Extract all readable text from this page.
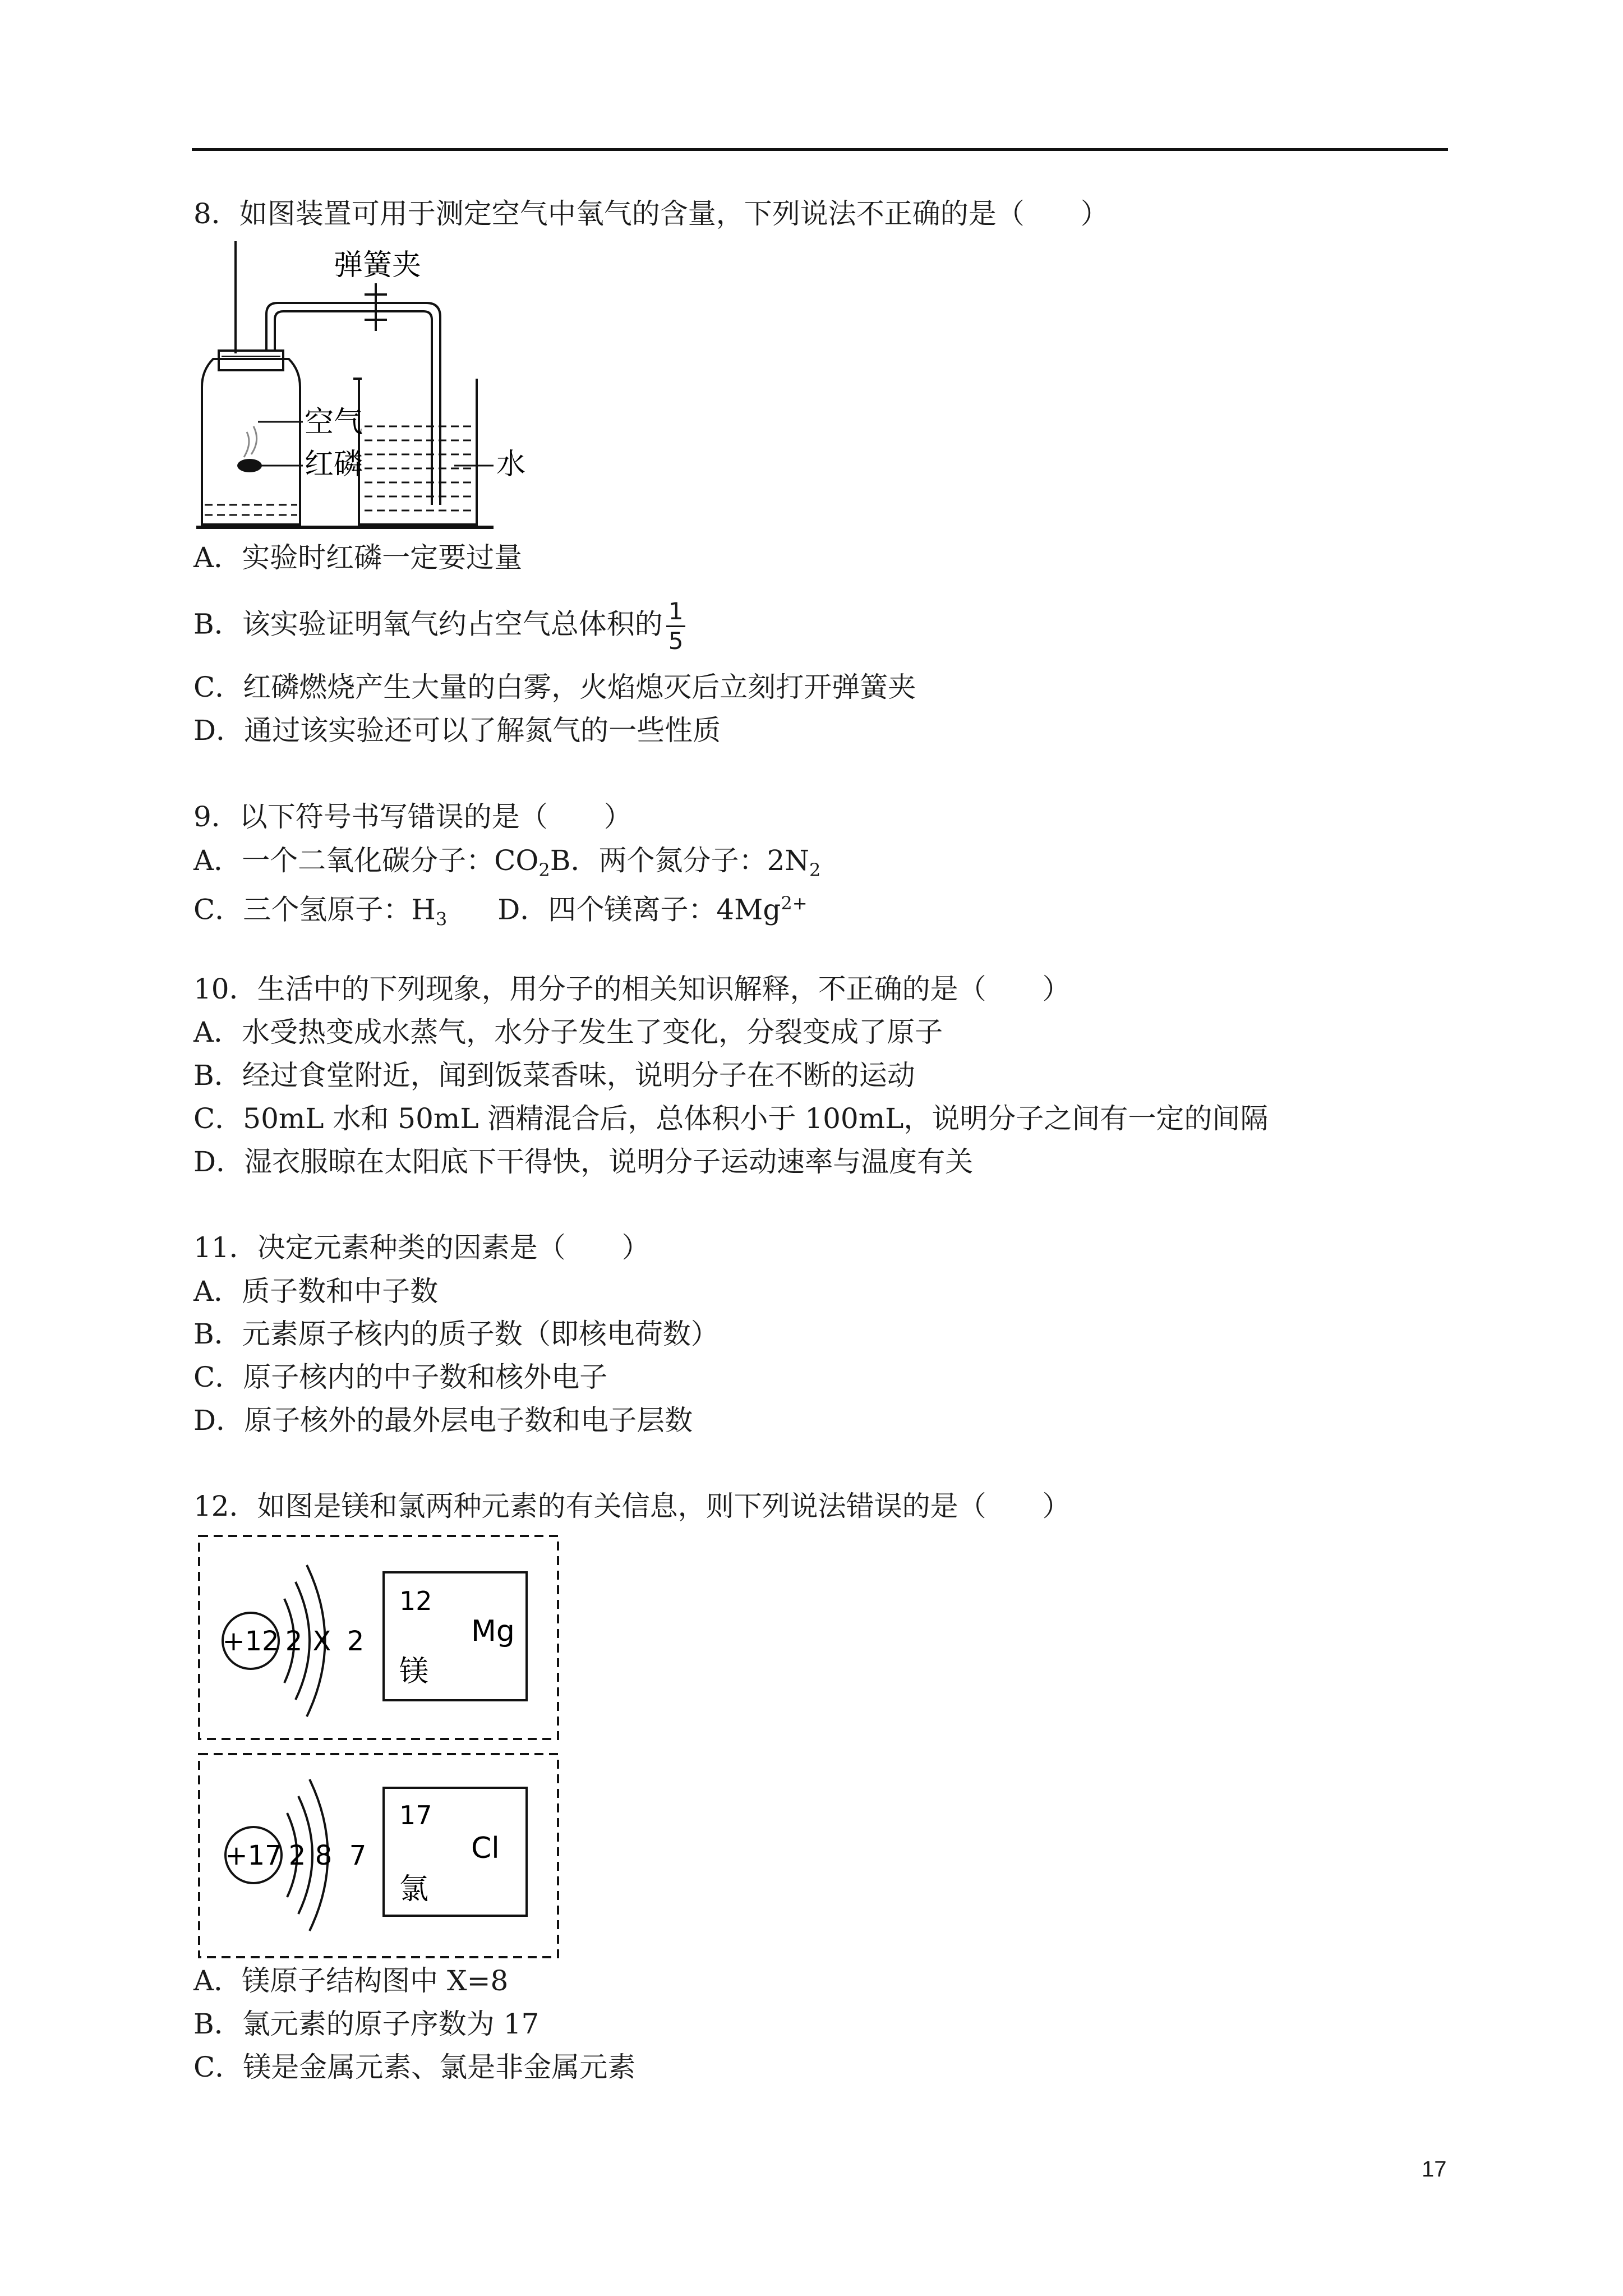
8．如图装置可用于测定空气中氧气的含量，下列说法不正确的是（　　）
弹簧夹
空气
红磷	水
A．实验时红磷一定要过量
B．该实验证明氧气约占空气总体积的 $\frac{1}{5}$
C．红磷燃烧产生大量的白雾，火焰熄灭后立刻打开弹簧夹
D．通过该实验还可以了解氮气的一些性质
9．以下符号书写错误的是（　　）
A．一个二氧化碳分子：$CO_2B$．两个氮分子：$2N_2$
C．三个氢原子：$H_3$ D．四个镁离子：$4Mg^{2+}$
10．生活中的下列现象，用分子的相关知识解释，不正确的是（　　）
A．水受热变成水蒸气，水分子发生了变化，分裂变成了原子
B．经过食堂附近，闻到饭菜香味，说明分子在不断的运动
C．50mL 水和 50mL 酒精混合后，总体积小于 100mL，说明分子之间有一定的间隔
D．湿衣服晾在太阳底下干得快，说明分子运动速率与温度有关
11．决定元素种类的因素是（　　）
A．质子数和中子数
B．元素原子核内的质子数（即核电荷数）
C．原子核内的中子数和核外电子
D．原子核外的最外层电子数和电子层数
12．如图是镁和氯两种元素的有关信息，则下列说法错误的是（　　）
+12 2 X 2
12
Mg
镁
+17 2 8 7
17
Cl
氯
A．镁原子结构图中 X=8
B．氯元素的原子序数为 17
C．镁是金属元素、氯是非金属元素
17
